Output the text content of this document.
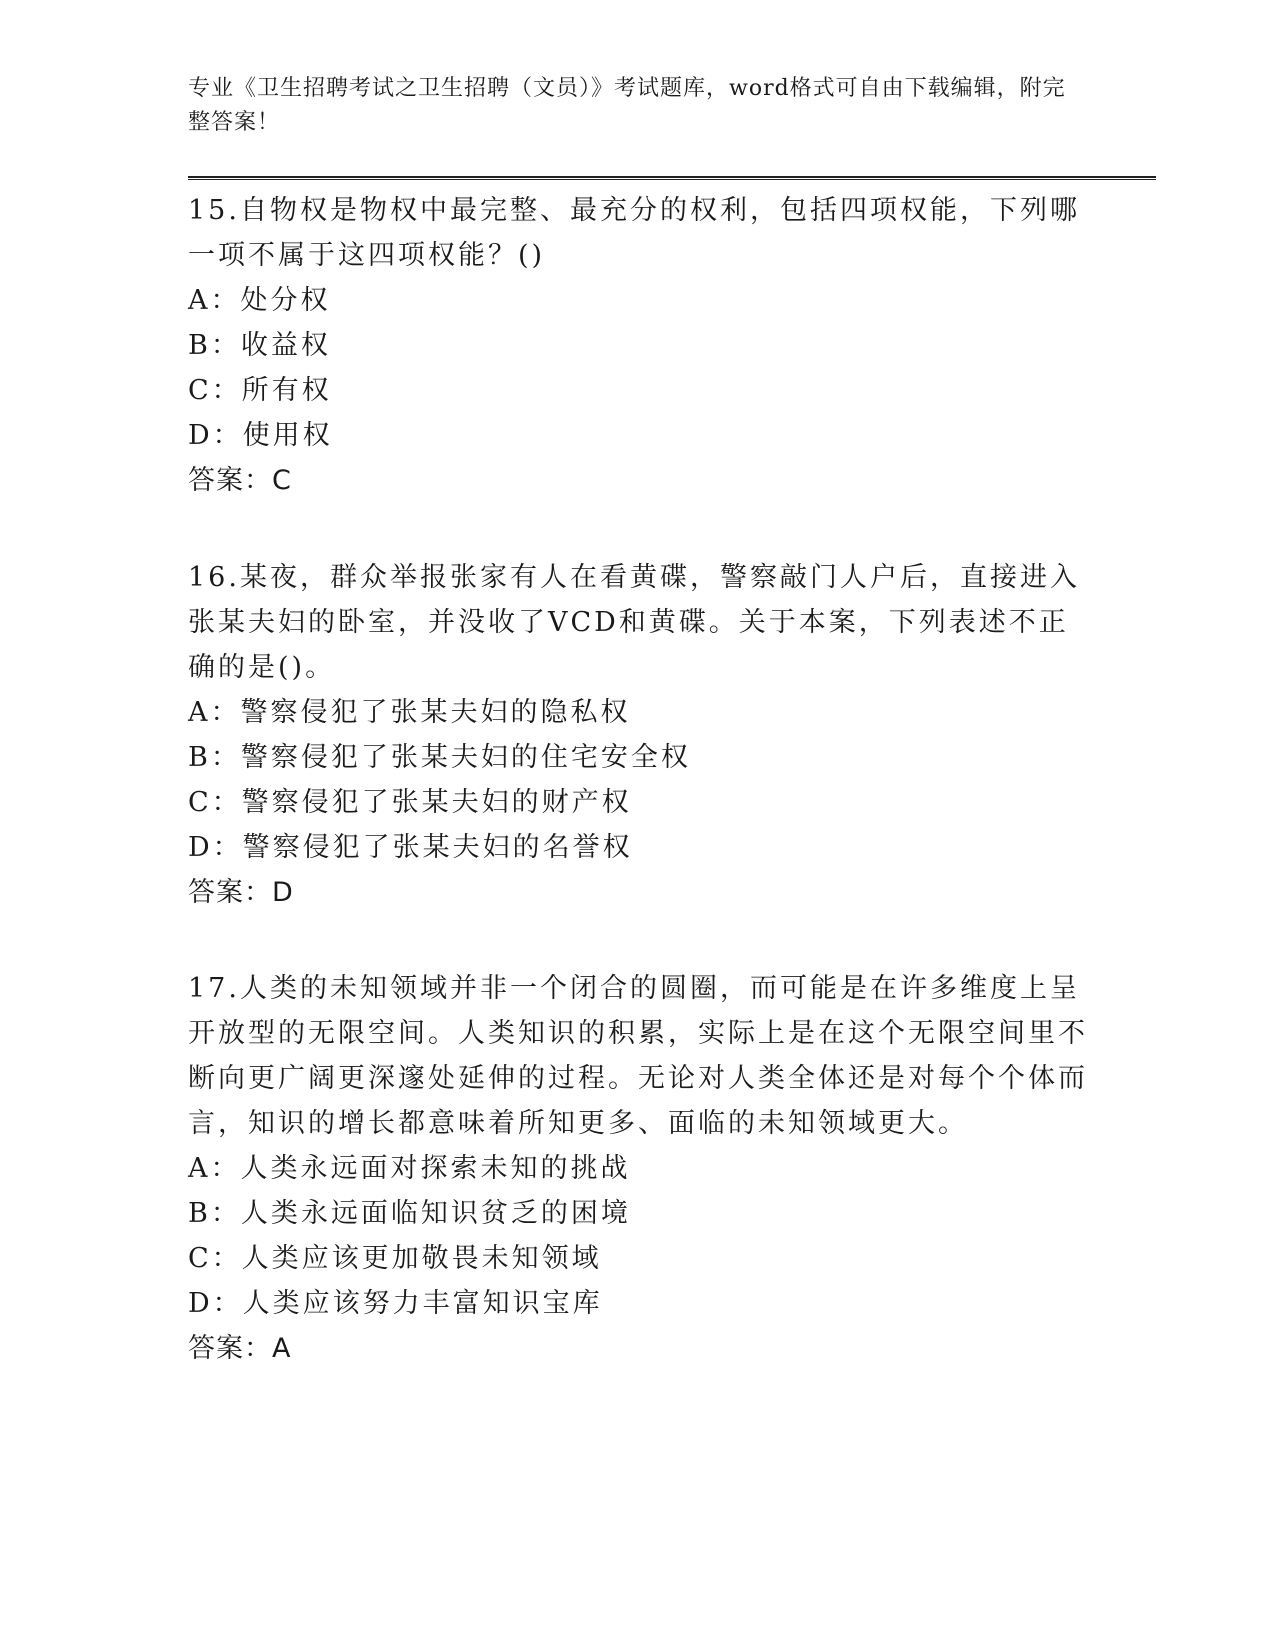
专业《卫生招聘考试之卫生招聘（文员）》考试题库，word格式可自由下载编辑，附完整答案！
15.自物权是物权中最完整、最充分的权利，包括四项权能，下列哪一项不属于这四项权能？()
A：处分权
B：收益权
C：所有权
D：使用权
答案：C
16.某夜，群众举报张家有人在看黄碟，警察敲门人户后，直接进入张某夫妇的卧室，并没收了VCD和黄碟。关于本案，下列表述不正确的是()。
A：警察侵犯了张某夫妇的隐私权
B：警察侵犯了张某夫妇的住宅安全权
C：警察侵犯了张某夫妇的财产权
D：警察侵犯了张某夫妇的名誉权
答案：D
17.人类的未知领域并非一个闭合的圆圈，而可能是在许多维度上呈开放型的无限空间。人类知识的积累，实际上是在这个无限空间里不断向更广阔更深邃处延伸的过程。无论对人类全体还是对每个个体而言，知识的增长都意味着所知更多、面临的未知领域更大。
A：人类永远面对探索未知的挑战
B：人类永远面临知识贫乏的困境
C：人类应该更加敬畏未知领域
D：人类应该努力丰富知识宝库
答案：A
